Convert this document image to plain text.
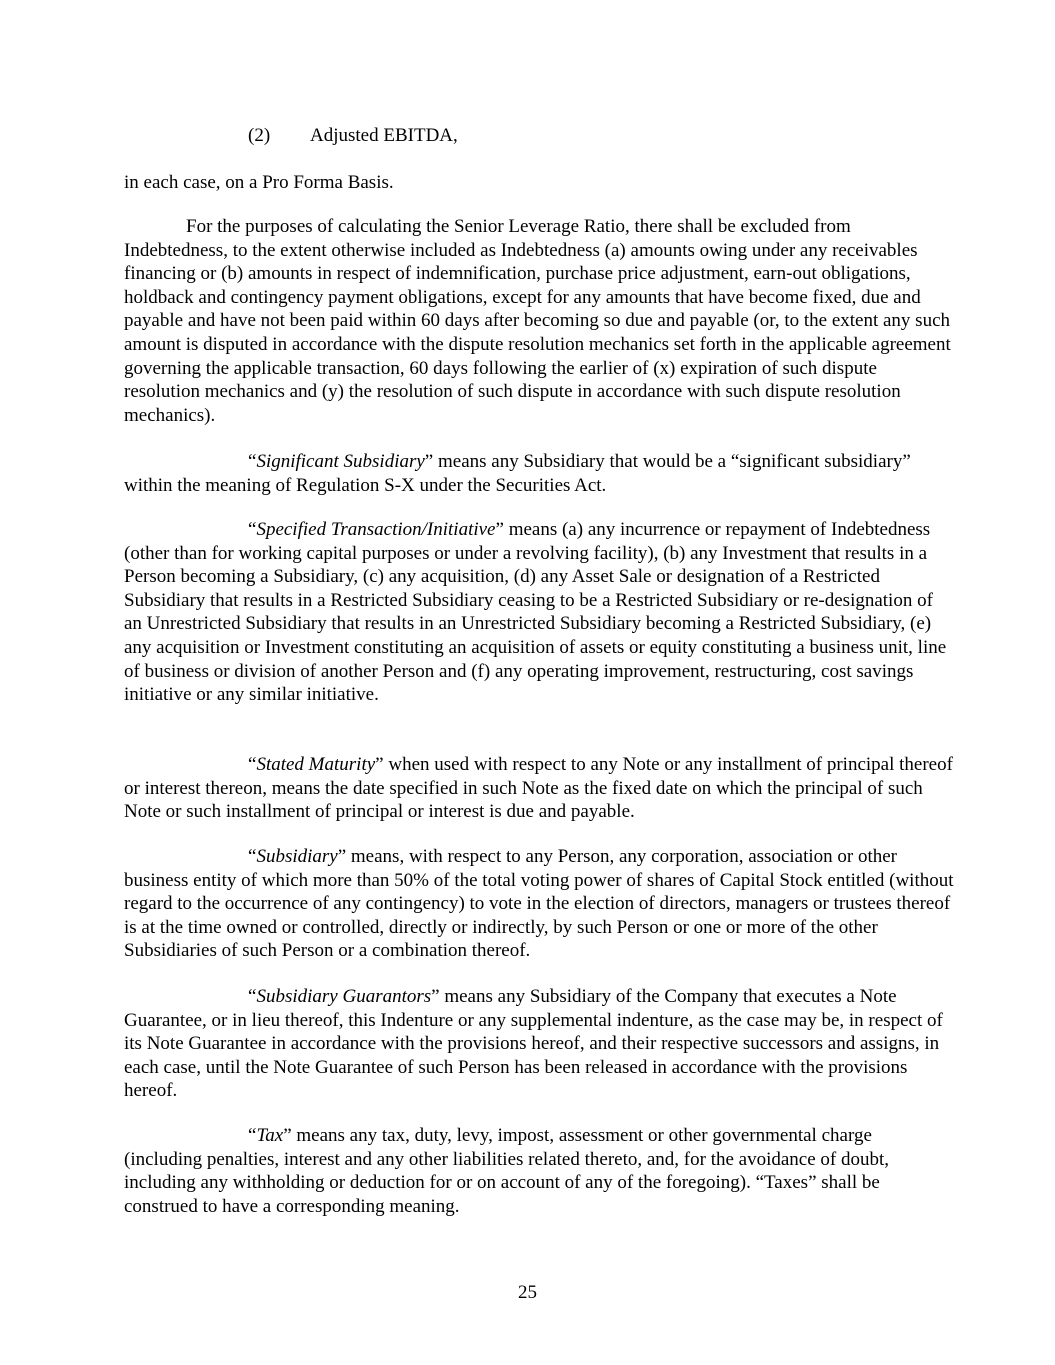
(2) Adjusted EBITDA,

in each case, on a Pro Forma Basis.

For the purposes of calculating the Senior Leverage Ratio, there shall be excluded from Indebtedness, to the extent otherwise included as Indebtedness (a) amounts owing under any receivables financing or (b) amounts in respect of indemnification, purchase price adjustment, earn-out obligations, holdback and contingency payment obligations, except for any amounts that have become fixed, due and payable and have not been paid within 60 days after becoming so due and payable (or, to the extent any such amount is disputed in accordance with the dispute resolution mechanics set forth in the applicable agreement governing the applicable transaction, 60 days following the earlier of (x) expiration of such dispute resolution mechanics and (y) the resolution of such dispute in accordance with such dispute resolution mechanics).

“Significant Subsidiary” means any Subsidiary that would be a “significant subsidiary” within the meaning of Regulation S-X under the Securities Act.

“Specified Transaction/Initiative” means (a) any incurrence or repayment of Indebtedness (other than for working capital purposes or under a revolving facility), (b) any Investment that results in a Person becoming a Subsidiary, (c) any acquisition, (d) any Asset Sale or designation of a Restricted Subsidiary that results in a Restricted Subsidiary ceasing to be a Restricted Subsidiary or re-designation of an Unrestricted Subsidiary that results in an Unrestricted Subsidiary becoming a Restricted Subsidiary, (e) any acquisition or Investment constituting an acquisition of assets or equity constituting a business unit, line of business or division of another Person and (f) any operating improvement, restructuring, cost savings initiative or any similar initiative.

“Stated Maturity” when used with respect to any Note or any installment of principal thereof or interest thereon, means the date specified in such Note as the fixed date on which the principal of such Note or such installment of principal or interest is due and payable.

“Subsidiary” means, with respect to any Person, any corporation, association or other business entity of which more than 50% of the total voting power of shares of Capital Stock entitled (without regard to the occurrence of any contingency) to vote in the election of directors, managers or trustees thereof is at the time owned or controlled, directly or indirectly, by such Person or one or more of the other Subsidiaries of such Person or a combination thereof.

“Subsidiary Guarantors” means any Subsidiary of the Company that executes a Note Guarantee, or in lieu thereof, this Indenture or any supplemental indenture, as the case may be, in respect of its Note Guarantee in accordance with the provisions hereof, and their respective successors and assigns, in each case, until the Note Guarantee of such Person has been released in accordance with the provisions hereof.

“Tax” means any tax, duty, levy, impost, assessment or other governmental charge (including penalties, interest and any other liabilities related thereto, and, for the avoidance of doubt, including any withholding or deduction for or on account of any of the foregoing). “Taxes” shall be construed to have a corresponding meaning.

25
